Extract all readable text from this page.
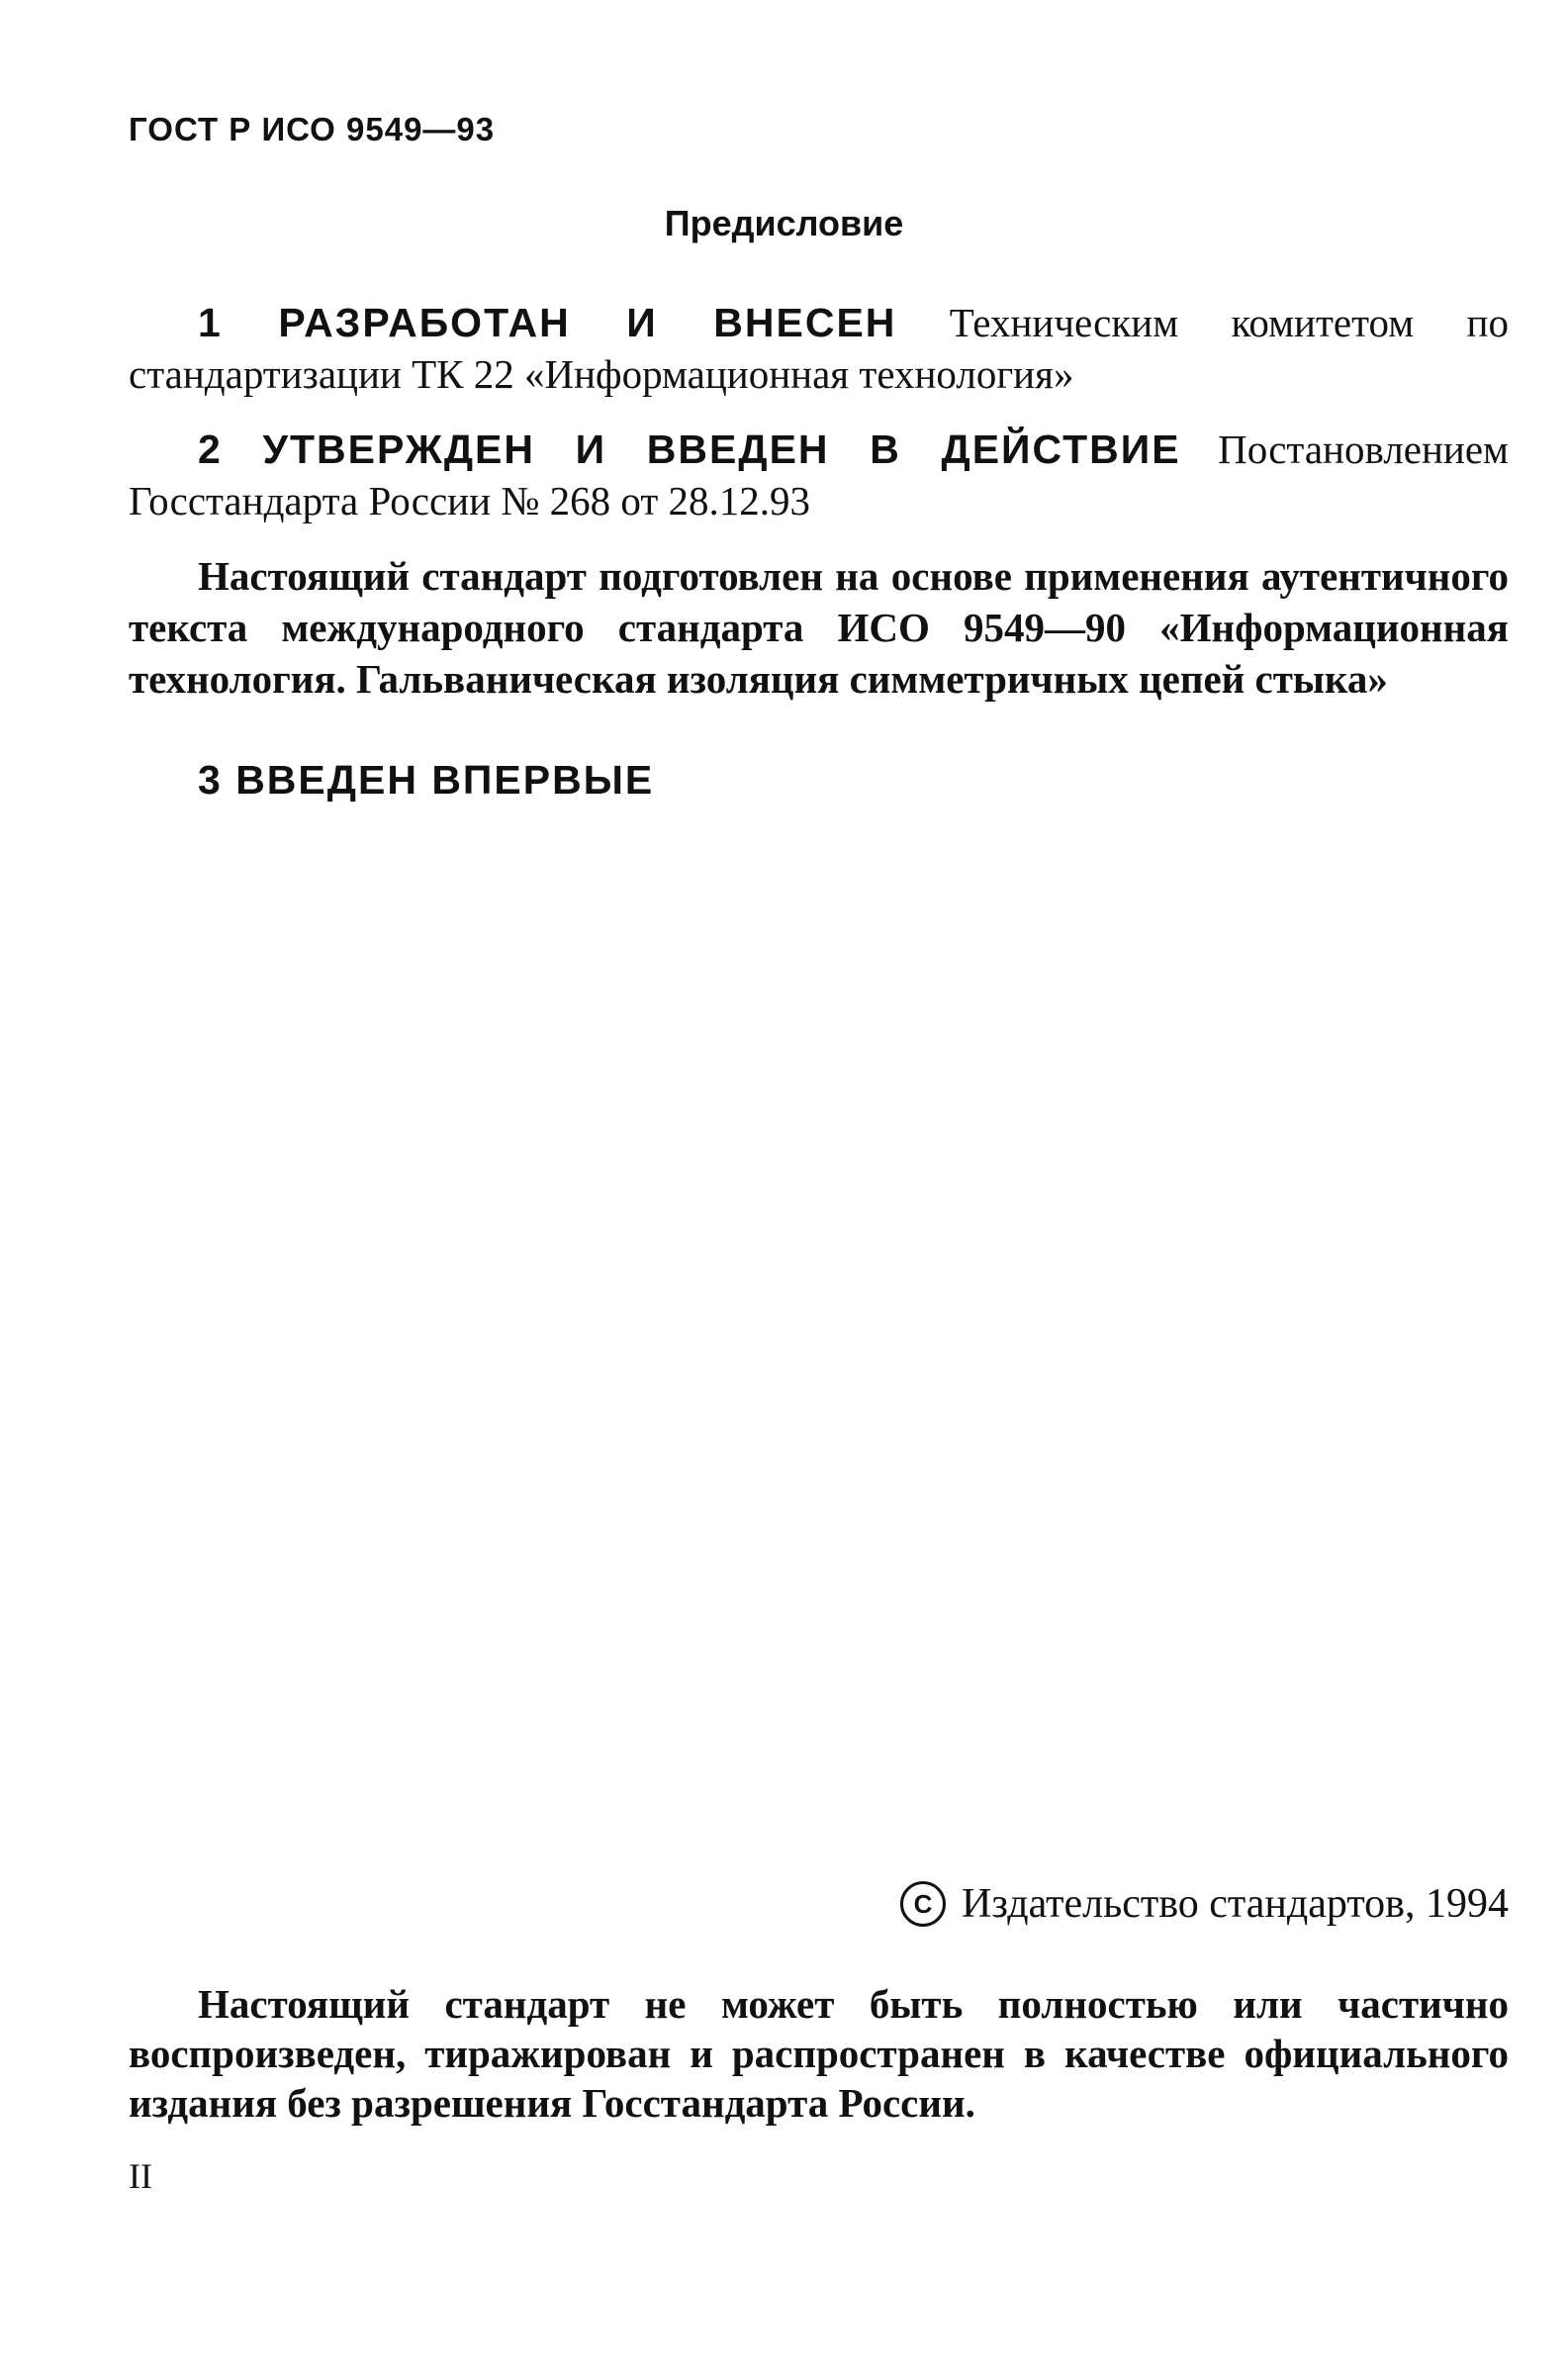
ГОСТ Р ИСО 9549—93
Предисловие

1 РАЗРАБОТАН И ВНЕСЕН Техническим комитетом по стандартизации ТК 22 «Информационная технология»

2 УТВЕРЖДЕН И ВВЕДЕН В ДЕЙСТВИЕ Постановлением Госстандарта России № 268 от 28.12.93

Настоящий стандарт подготовлен на основе применения аутентичного текста международного стандарта ИСО 9549—90 «Информационная технология. Гальваническая изоляция симметричных цепей стыка»

3 ВВЕДЕН ВПЕРВЫЕ

C Издательство стандартов, 1994

Настоящий стандарт не может быть полностью или частично воспроизведен, тиражирован и распространен в качестве официального издания без разрешения Госстандарта России.

II
